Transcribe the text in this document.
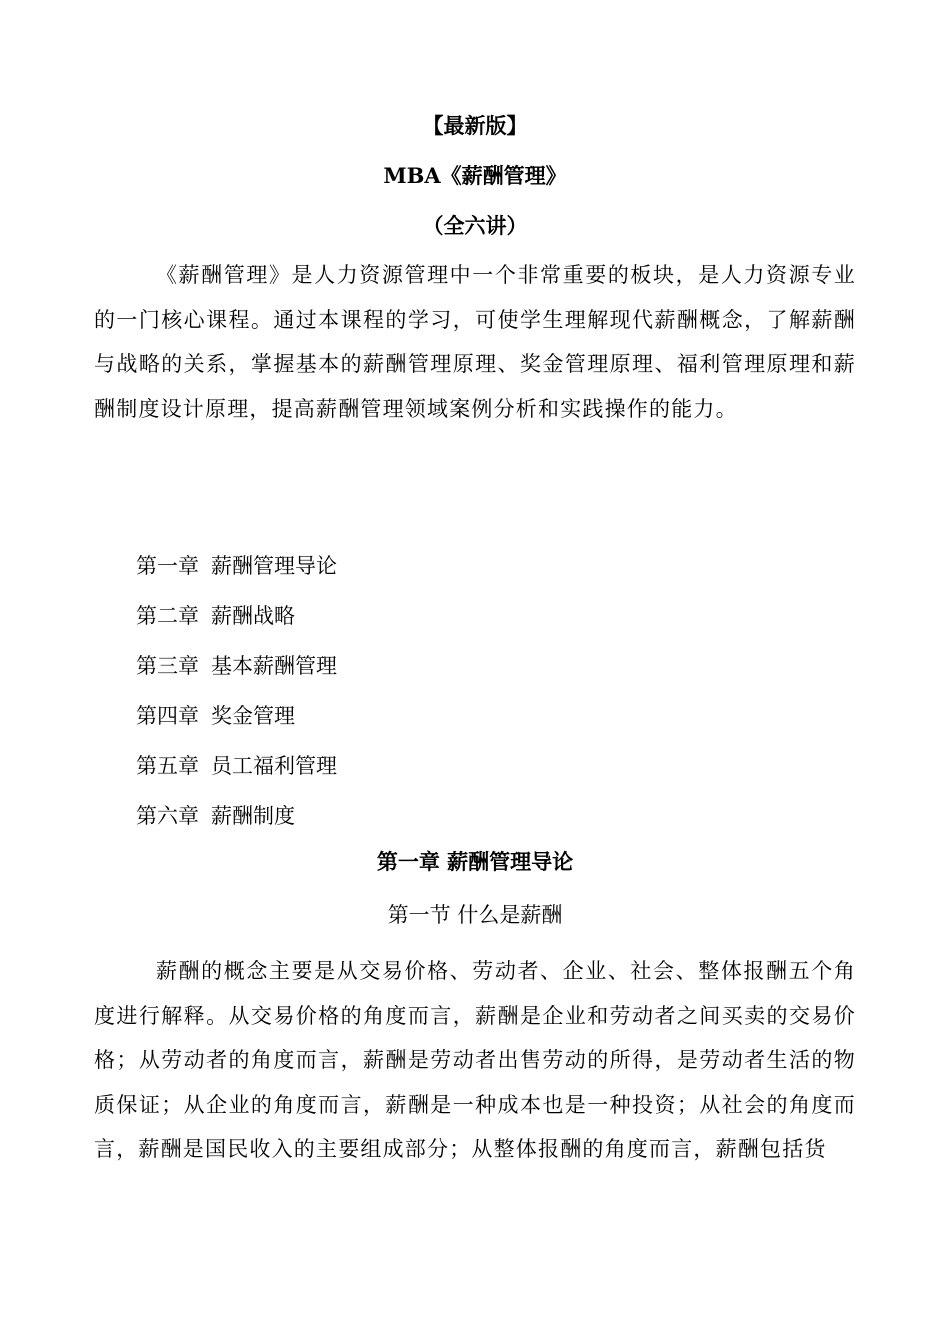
【最新版】
MBA《薪酬管理》
（全六讲）

《薪酬管理》是人力资源管理中一个非常重要的板块，是人力资源专业的一门核心课程。通过本课程的学习，可使学生理解现代薪酬概念，了解薪酬与战略的关系，掌握基本的薪酬管理原理、奖金管理原理、福利管理原理和薪酬制度设计原理，提高薪酬管理领域案例分析和实践操作的能力。

第一章 薪酬管理导论
第二章 薪酬战略
第三章 基本薪酬管理
第四章 奖金管理
第五章 员工福利管理
第六章 薪酬制度
第一章 薪酬管理导论
第一节 什么是薪酬

薪酬的概念主要是从交易价格、劳动者、企业、社会、整体报酬五个角度进行解释。从交易价格的角度而言，薪酬是企业和劳动者之间买卖的交易价格；从劳动者的角度而言，薪酬是劳动者出售劳动的所得，是劳动者生活的物质保证；从企业的角度而言，薪酬是一种成本也是一种投资；从社会的角度而言，薪酬是国民收入的主要组成部分；从整体报酬的角度而言，薪酬包括货
